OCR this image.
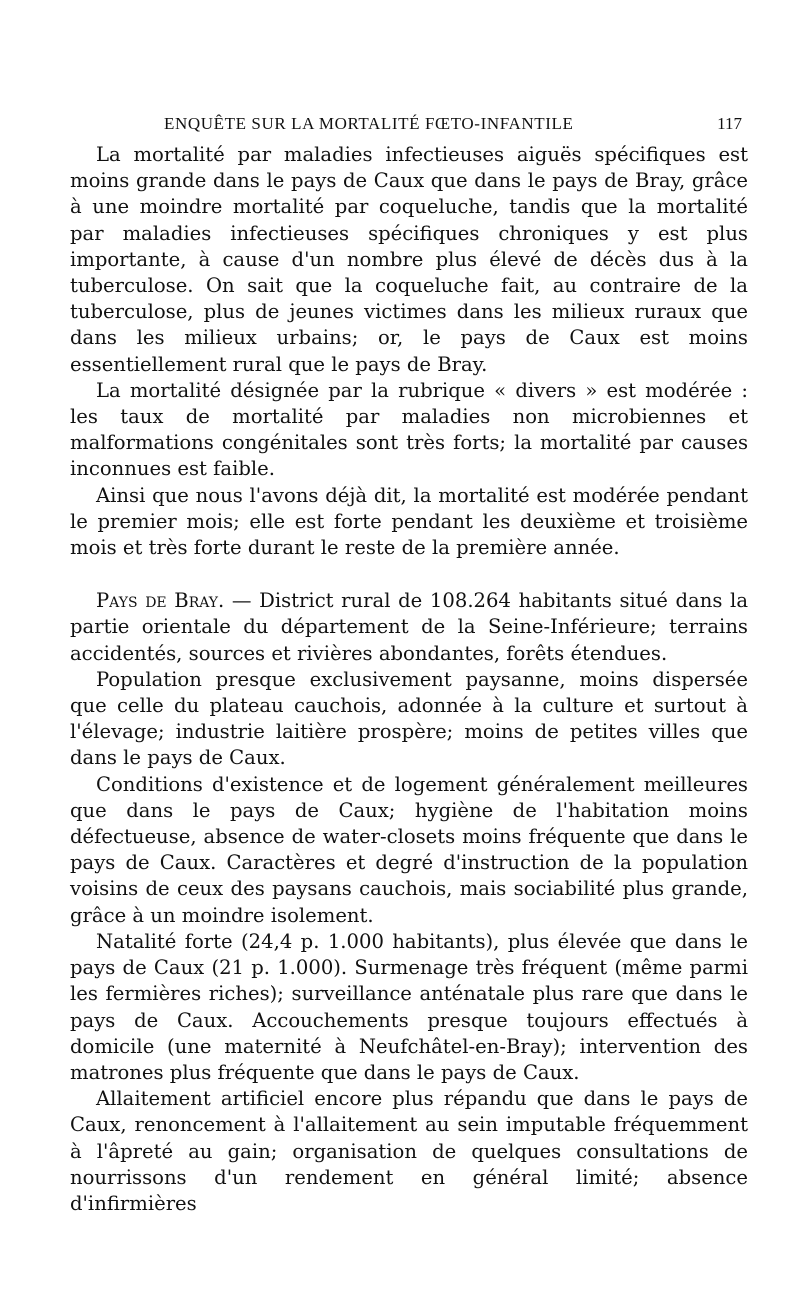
ENQUÊTE SUR LA MORTALITÉ FŒTO-INFANTILE	117

La mortalité par maladies infectieuses aiguës spécifiques est moins grande dans le pays de Caux que dans le pays de Bray, grâce à une moindre mortalité par coqueluche, tandis que la mortalité par maladies infectieuses spécifiques chroniques y est plus importante, à cause d'un nombre plus élevé de décès dus à la tuberculose. On sait que la coqueluche fait, au contraire de la tuberculose, plus de jeunes victimes dans les milieux ruraux que dans les milieux urbains; or, le pays de Caux est moins essentiellement rural que le pays de Bray.

La mortalité désignée par la rubrique « divers » est modérée : les taux de mortalité par maladies non microbiennes et malformations congénitales sont très forts; la mortalité par causes inconnues est faible.

Ainsi que nous l'avons déjà dit, la mortalité est modérée pendant le premier mois; elle est forte pendant les deuxième et troisième mois et très forte durant le reste de la première année.

Pays de Bray. — District rural de 108.264 habitants situé dans la partie orientale du département de la Seine-Inférieure; terrains accidentés, sources et rivières abondantes, forêts étendues.

Population presque exclusivement paysanne, moins dispersée que celle du plateau cauchois, adonnée à la culture et surtout à l'élevage; industrie laitière prospère; moins de petites villes que dans le pays de Caux.

Conditions d'existence et de logement généralement meilleures que dans le pays de Caux; hygiène de l'habitation moins défectueuse, absence de water-closets moins fréquente que dans le pays de Caux. Caractères et degré d'instruction de la population voisins de ceux des paysans cauchois, mais sociabilité plus grande, grâce à un moindre isolement.

Natalité forte (24,4 p. 1.000 habitants), plus élevée que dans le pays de Caux (21 p. 1.000). Surmenage très fréquent (même parmi les fermières riches); surveillance anténatale plus rare que dans le pays de Caux. Accouchements presque toujours effectués à domicile (une maternité à Neufchâtel-en-Bray); intervention des matrones plus fréquente que dans le pays de Caux.

Allaitement artificiel encore plus répandu que dans le pays de Caux, renoncement à l'allaitement au sein imputable fréquemment à l'âpreté au gain; organisation de quelques consultations de nourrissons d'un rendement en général limité; absence d'infirmières
